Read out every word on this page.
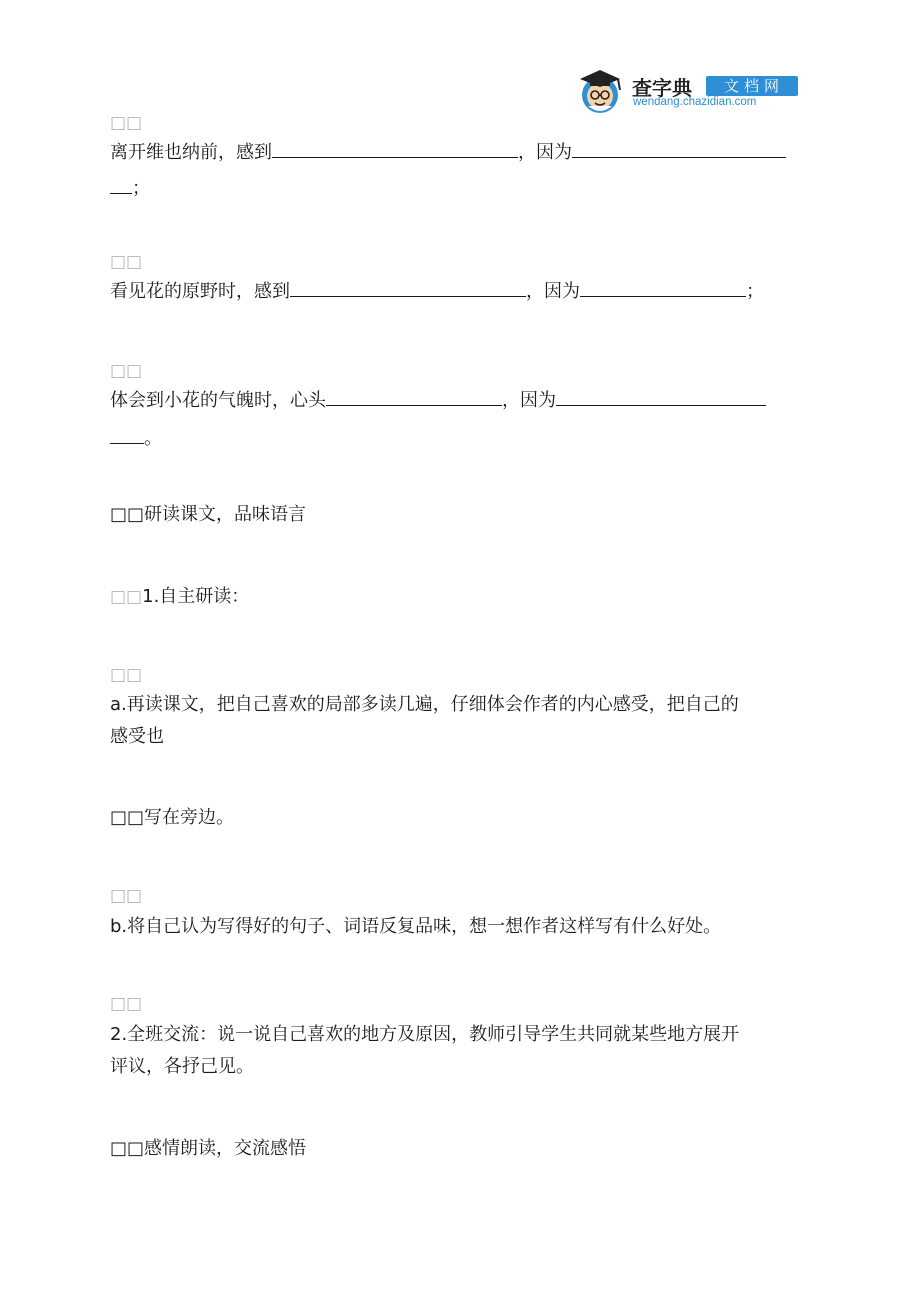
查字典	文档网
wendang.chazidian.com
□□
离开维也纳前，感到	，因为
；
□□
看见花的原野时，感到	，因为	；
□□
体会到小花的气魄时，心头	，因为
。
□□研读课文，品味语言
□□1.自主研读：
□□
a.再读课文，把自己喜欢的局部多读几遍，仔细体会作者的内心感受，把自己的
感受也
□□写在旁边。
□□
b.将自己认为写得好的句子、词语反复品味，想一想作者这样写有什么好处。
□□
2.全班交流：说一说自己喜欢的地方及原因，教师引导学生共同就某些地方展开
评议，各抒己见。
□□感情朗读，交流感悟
